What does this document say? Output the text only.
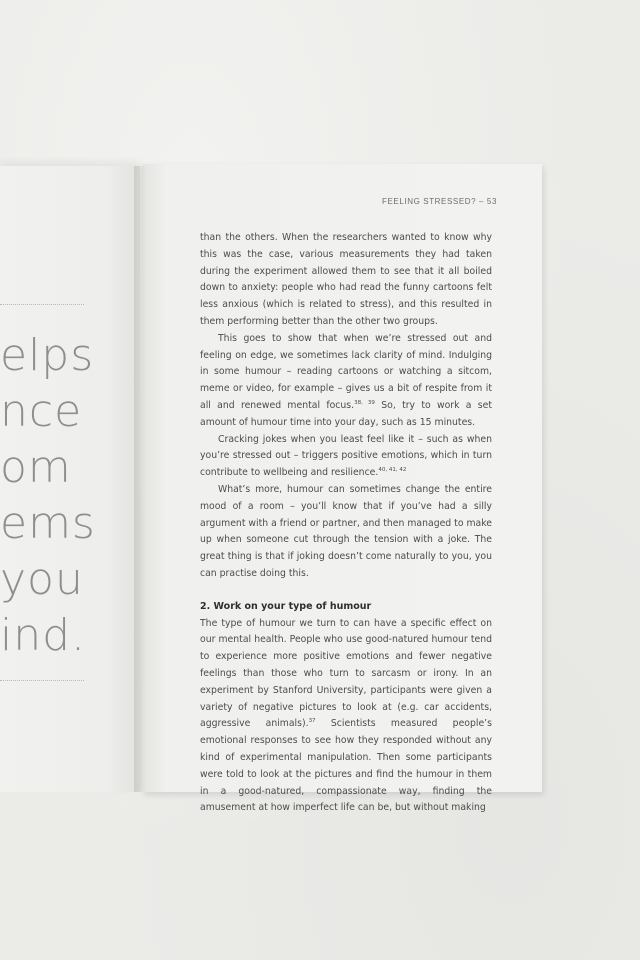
elps
nce
om
ems
you
ind.
FEELING STRESSED? – 53

than the others. When the researchers wanted to know why this was the case, various measurements they had taken during the experiment allowed them to see that it all boiled down to anxiety: people who had read the funny cartoons felt less anxious (which is related to stress), and this resulted in them performing better than the other two groups.

This goes to show that when we’re stressed out and feeling on edge, we sometimes lack clarity of mind. Indulging in some humour – reading cartoons or watching a sitcom, meme or video, for example – gives us a bit of respite from it all and renewed mental focus.$^{38, 39}$ So, try to work a set amount of humour time into your day, such as 15 minutes.

Cracking jokes when you least feel like it – such as when you’re stressed out – triggers positive emotions, which in turn contribute to wellbeing and resilience.$^{40, 41, 42}$

What’s more, humour can sometimes change the entire mood of a room – you’ll know that if you’ve had a silly argument with a friend or partner, and then managed to make up when someone cut through the tension with a joke. The great thing is that if joking doesn’t come naturally to you, you can practise doing this.

2. Work on your type of humour

The type of humour we turn to can have a specific effect on our mental health. People who use good-natured humour tend to experience more positive emotions and fewer negative feelings than those who turn to sarcasm or irony. In an experiment by Stanford University, participants were given a variety of negative pictures to look at (e.g. car accidents, aggressive animals).$^{37}$ Scientists measured people’s emotional responses to see how they responded without any kind of experimental manipulation. Then some participants were told to look at the pictures and find the humour in them in a good-natured, compassionate way, finding the amusement at how imperfect life can be, but without making
